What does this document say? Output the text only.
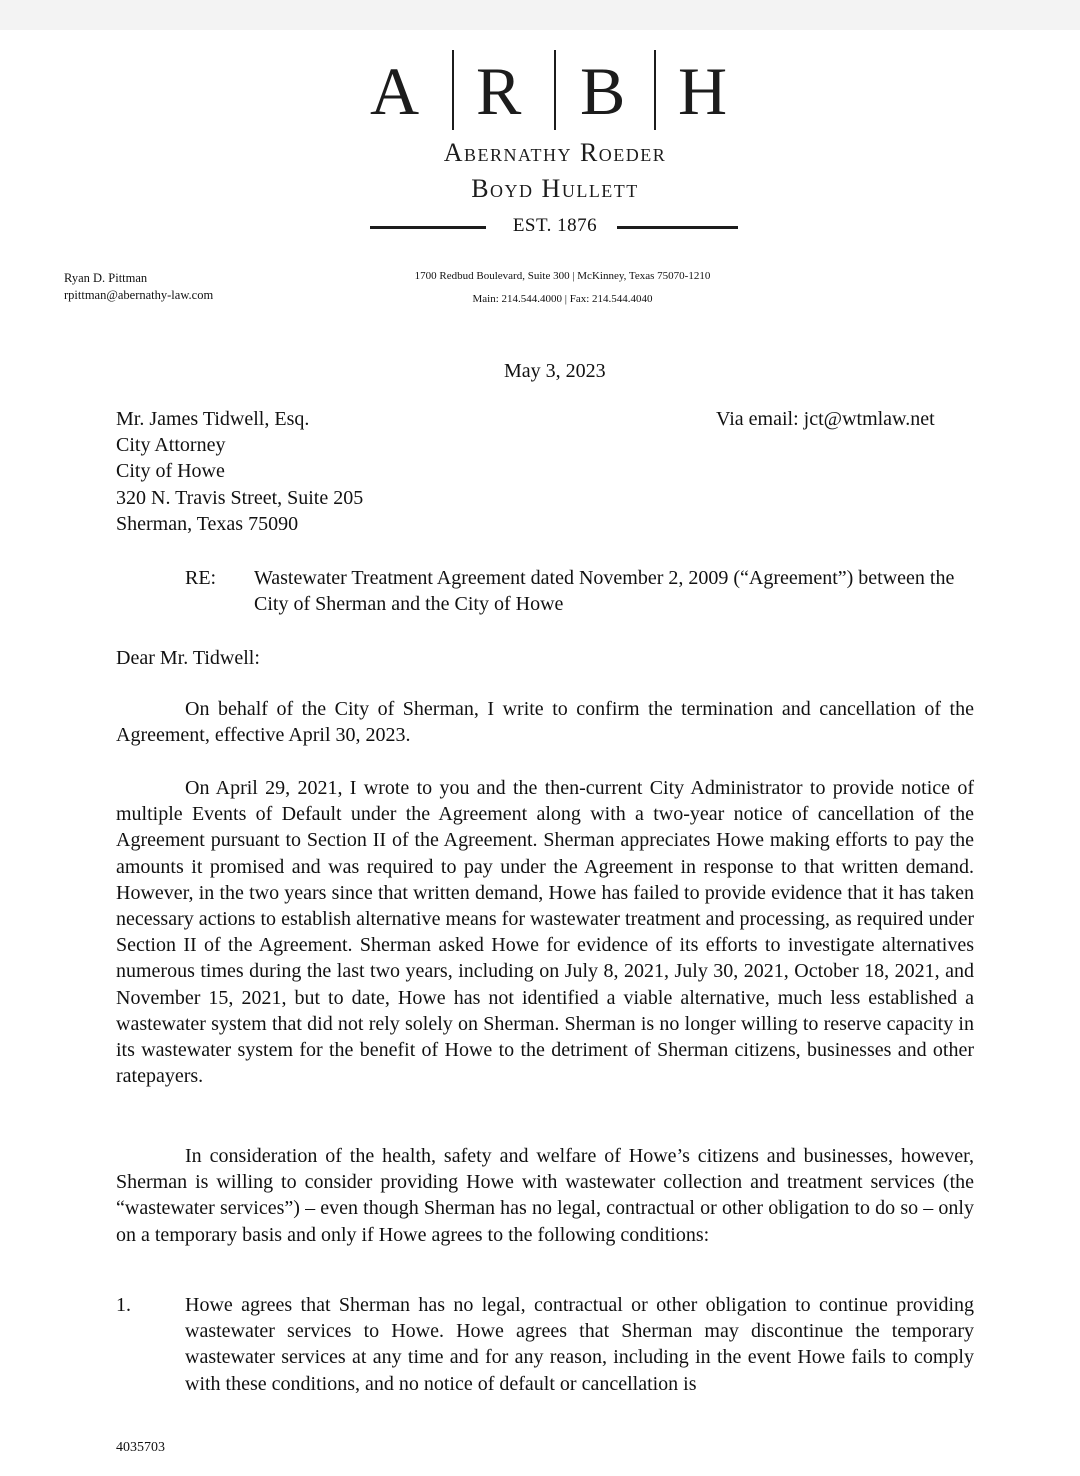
A R B H
Abernathy Roeder
Boyd Hullett
EST. 1876
Ryan D. Pittman
rpittman@abernathy-law.com
1700 Redbud Boulevard, Suite 300 | McKinney, Texas 75070-1210
Main: 214.544.4000 | Fax: 214.544.4040
May 3, 2023
Mr. James Tidwell, Esq.
City Attorney
City of Howe
320 N. Travis Street, Suite 205
Sherman, Texas 75090
Via email: jct@wtmlaw.net
RE: Wastewater Treatment Agreement dated November 2, 2009 (“Agreement”) between the City of Sherman and the City of Howe
Dear Mr. Tidwell:

On behalf of the City of Sherman, I write to confirm the termination and cancellation of the Agreement, effective April 30, 2023.

On April 29, 2021, I wrote to you and the then-current City Administrator to provide notice of multiple Events of Default under the Agreement along with a two-year notice of cancellation of the Agreement pursuant to Section II of the Agreement. Sherman appreciates Howe making efforts to pay the amounts it promised and was required to pay under the Agreement in response to that written demand. However, in the two years since that written demand, Howe has failed to provide evidence that it has taken necessary actions to establish alternative means for wastewater treatment and processing, as required under Section II of the Agreement. Sherman asked Howe for evidence of its efforts to investigate alternatives numerous times during the last two years, including on July 8, 2021, July 30, 2021, October 18, 2021, and November 15, 2021, but to date, Howe has not identified a viable alternative, much less established a wastewater system that did not rely solely on Sherman. Sherman is no longer willing to reserve capacity in its wastewater system for the benefit of Howe to the detriment of Sherman citizens, businesses and other ratepayers.

In consideration of the health, safety and welfare of Howe’s citizens and businesses, however, Sherman is willing to consider providing Howe with wastewater collection and treatment services (the “wastewater services”) – even though Sherman has no legal, contractual or other obligation to do so – only on a temporary basis and only if Howe agrees to the following conditions:

1.	Howe agrees that Sherman has no legal, contractual or other obligation to continue providing wastewater services to Howe. Howe agrees that Sherman may discontinue the temporary wastewater services at any time and for any reason, including in the event Howe fails to comply with these conditions, and no notice of default or cancellation is

4035703
